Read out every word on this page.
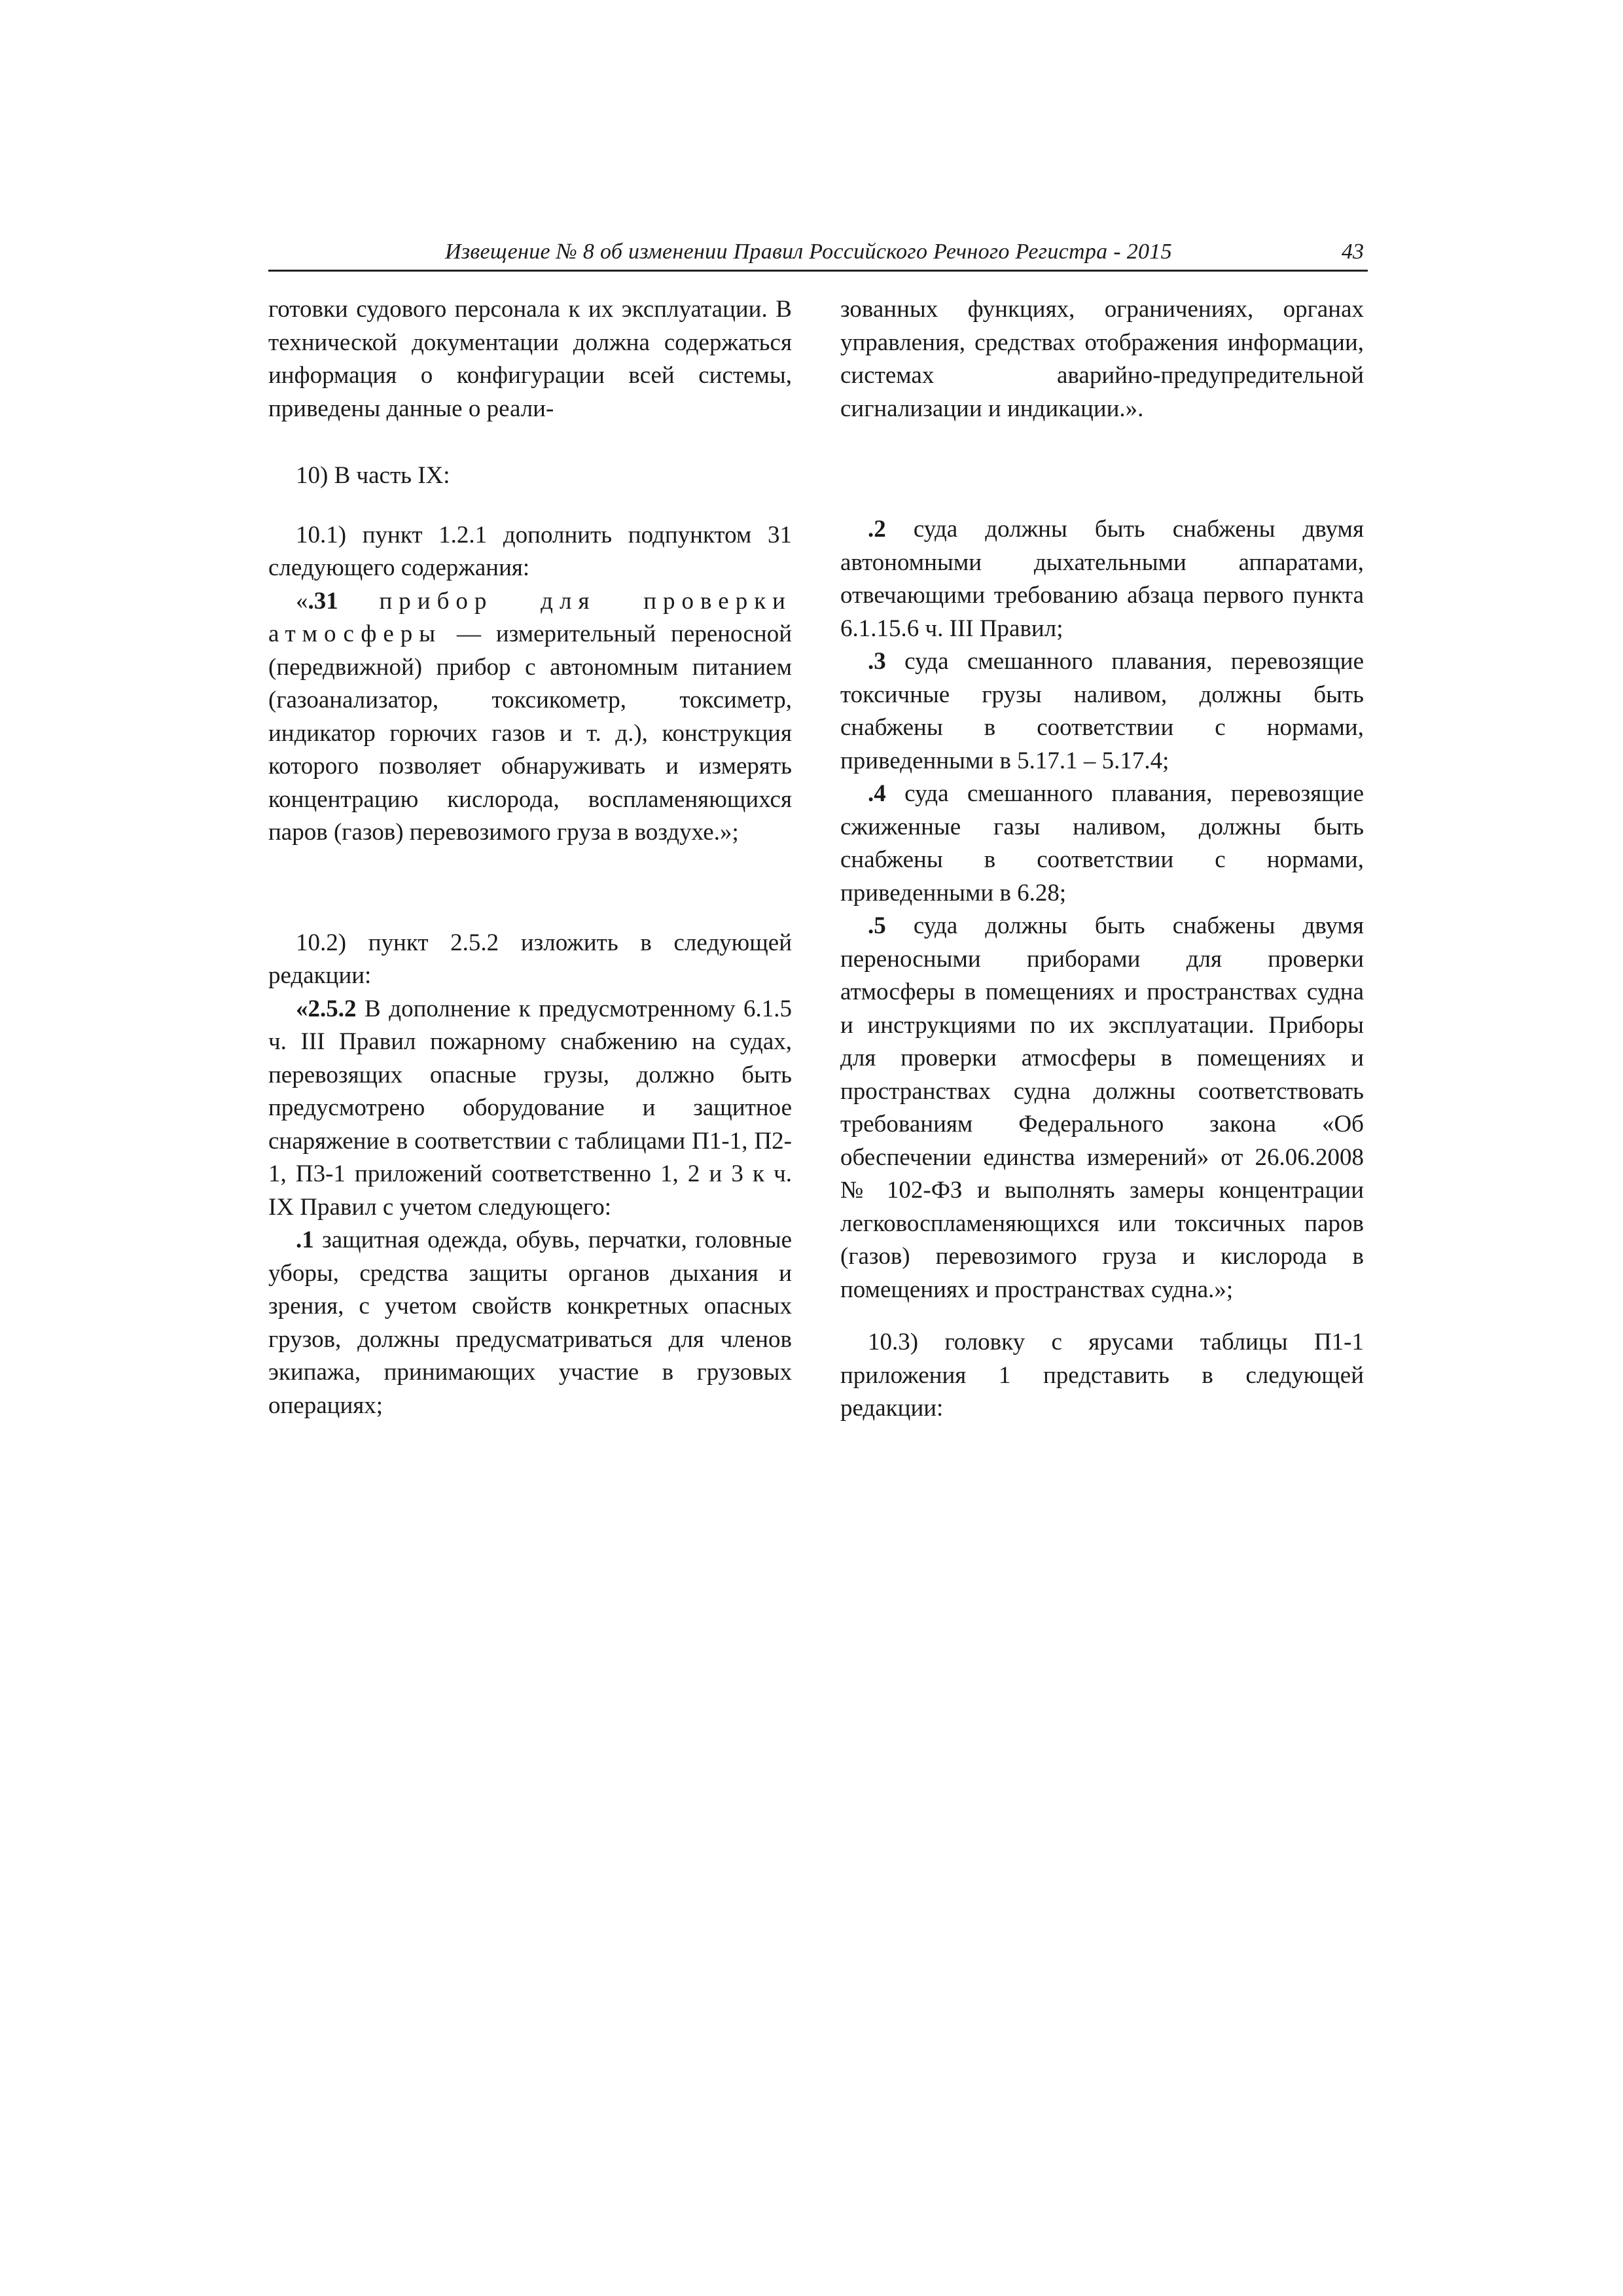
Извещение № 8 об изменении Правил Российского Речного Регистра - 2015	43

готовки судового персонала к их эксплуатации. В технической документации должна содержаться информация о конфигурации всей системы, приведены данные о реали-

10) В часть IX:

10.1) пункт 1.2.1 дополнить подпунктом 31 следующего содержания:

«.31 прибор для проверки атмосферы — измерительный переносной (передвижной) прибор с автономным питанием (газоанализатор, токсикометр, токсиметр, индикатор горючих газов и т. д.), конструкция которого позволяет обнаруживать и измерять концентрацию кислорода, воспламеняющихся паров (газов) перевозимого груза в воздухе.»;

10.2) пункт 2.5.2 изложить в следующей редакции:

«2.5.2 В дополнение к предусмотренному 6.1.5 ч. III Правил пожарному снабжению на судах, перевозящих опасные грузы, должно быть предусмотрено оборудование и защитное снаряжение в соответствии с таблицами П1-1, П2-1, П3-1 приложений соответственно 1, 2 и 3 к ч. IX Правил с учетом следующего:

.1 защитная одежда, обувь, перчатки, головные уборы, средства защиты органов дыхания и зрения, с учетом свойств конкретных опасных грузов, должны предусматриваться для членов экипажа, принимающих участие в грузовых операциях;

зованных функциях, ограничениях, органах управления, средствах отображения информации, системах аварийно-предупредительной сигнализации и индикации.».

.2 суда должны быть снабжены двумя автономными дыхательными аппаратами, отвечающими требованию абзаца первого пункта 6.1.15.6 ч. III Правил;

.3 суда смешанного плавания, перевозящие токсичные грузы наливом, должны быть снабжены в соответствии с нормами, приведенными в 5.17.1 – 5.17.4;

.4 суда смешанного плавания, перевозящие сжиженные газы наливом, должны быть снабжены в соответствии с нормами, приведенными в 6.28;

.5 суда должны быть снабжены двумя переносными приборами для проверки атмосферы в помещениях и пространствах судна и инструкциями по их эксплуатации. Приборы для проверки атмосферы в помещениях и пространствах судна должны соответствовать требованиям Федерального закона «Об обеспечении единства измерений» от 26.06.2008 № 102-ФЗ и выполнять замеры концентрации легковоспламеняющихся или токсичных паров (газов) перевозимого груза и кислорода в помещениях и пространствах судна.»;

10.3) головку с ярусами таблицы П1-1 приложения 1 представить в следующей редакции:
